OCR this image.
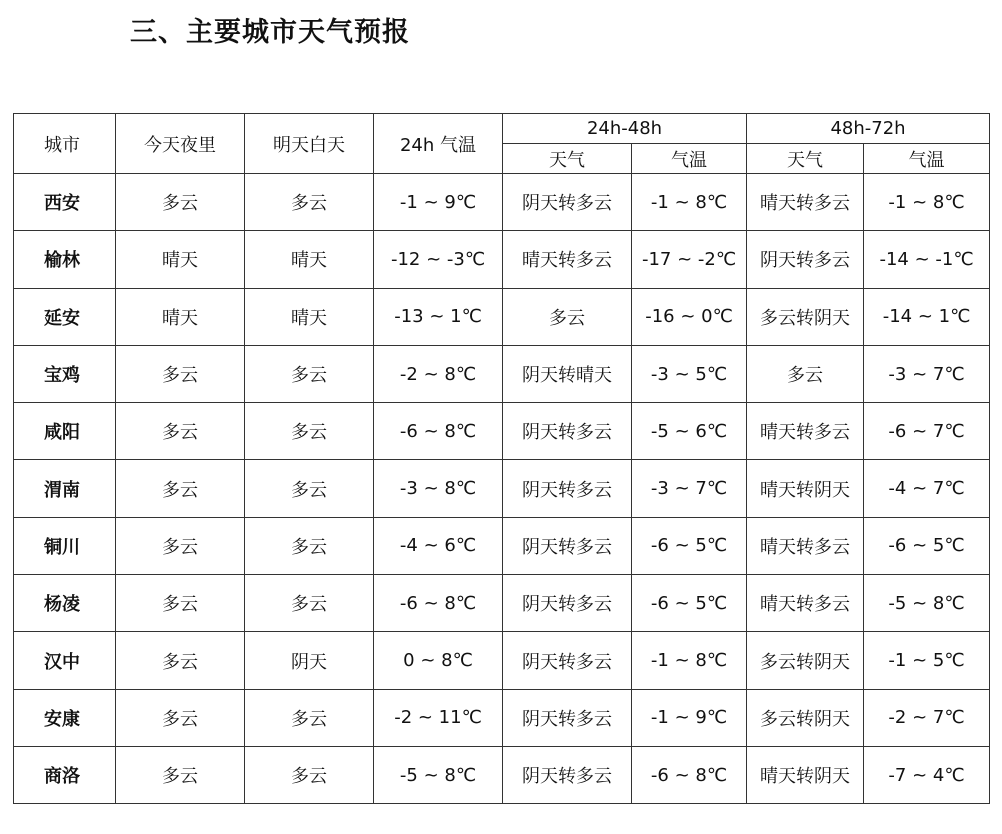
三、主要城市天气预报
城市	今天夜里	明天白天	24h 气温	24h-48h		48h-72h	
				天气	气温	天气	气温
西安	多云	多云	-1 ~ 9℃	阴天转多云	-1 ~ 8℃	晴天转多云	-1 ~ 8℃
榆林	晴天	晴天	-12 ~ -3℃	晴天转多云	-17 ~ -2℃	阴天转多云	-14 ~ -1℃
延安	晴天	晴天	-13 ~ 1℃	多云	-16 ~ 0℃	多云转阴天	-14 ~ 1℃
宝鸡	多云	多云	-2 ~ 8℃	阴天转晴天	-3 ~ 5℃	多云	-3 ~ 7℃
咸阳	多云	多云	-6 ~ 8℃	阴天转多云	-5 ~ 6℃	晴天转多云	-6 ~ 7℃
渭南	多云	多云	-3 ~ 8℃	阴天转多云	-3 ~ 7℃	晴天转阴天	-4 ~ 7℃
铜川	多云	多云	-4 ~ 6℃	阴天转多云	-6 ~ 5℃	晴天转多云	-6 ~ 5℃
杨凌	多云	多云	-6 ~ 8℃	阴天转多云	-6 ~ 5℃	晴天转多云	-5 ~ 8℃
汉中	多云	阴天	0 ~ 8℃	阴天转多云	-1 ~ 8℃	多云转阴天	-1 ~ 5℃
安康	多云	多云	-2 ~ 11℃	阴天转多云	-1 ~ 9℃	多云转阴天	-2 ~ 7℃
商洛	多云	多云	-5 ~ 8℃	阴天转多云	-6 ~ 8℃	晴天转阴天	-7 ~ 4℃
